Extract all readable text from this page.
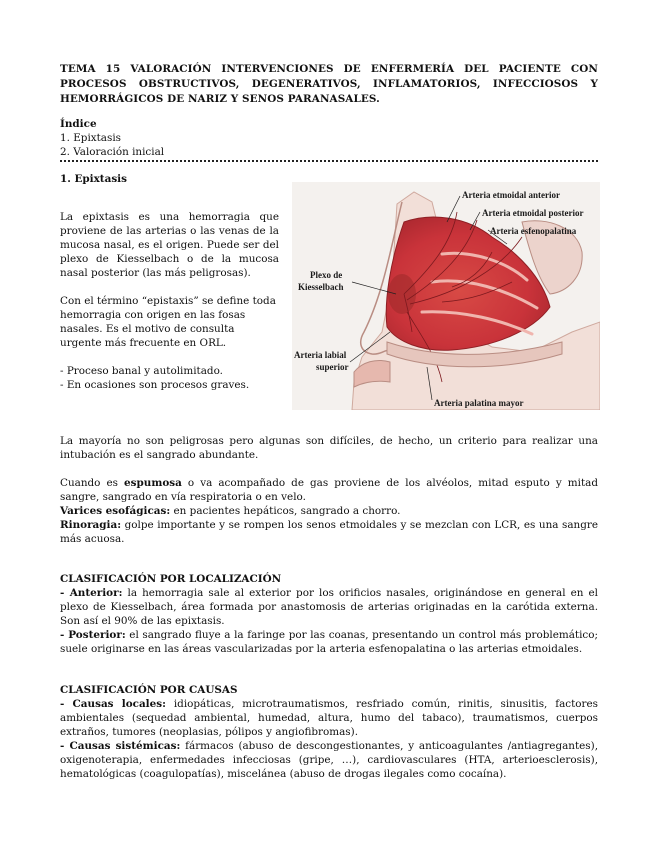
TEMA 15 VALORACIÓN INTERVENCIONES DE ENFERMERÍA DEL PACIENTE CON PROCESOS OBSTRUCTIVOS, DEGENERATIVOS, INFLAMATORIOS, INFECCIOSOS Y HEMORRÁGICOS DE NARIZ Y SENOS PARANASALES.
Índice
1. Epixtasis
2. Valoración inicial
1. Epixtasis

La epixtasis es una hemorragia que proviene de las arterias o las venas de la mucosa nasal, es el origen. Puede ser del plexo de Kiesselbach o de la mucosa nasal posterior (las más peligrosas).

Con el término “epistaxis” se define toda hemorragia con origen en las fosas nasales. Es el motivo de consulta urgente más frecuente en ORL.

- Proceso banal y autolimitado.
- En ocasiones son procesos graves.
Arteria etmoidal anterior
Arteria etmoidal posterior
Arteria esfenopalatina
Plexo de
Kiesselbach
Arteria labial
superior
Arteria palatina mayor
La mayoría no son peligrosas pero algunas son difíciles, de hecho, un criterio para realizar una intubación es el sangrado abundante.
Cuando es espumosa o va acompañado de gas proviene de los alvéolos, mitad esputo y mitad sangre, sangrado en vía respiratoria o en velo.
Varices esofágicas: en pacientes hepáticos, sangrado a chorro.
Rinoragia: golpe importante y se rompen los senos etmoidales y se mezclan con LCR, es una sangre más acuosa.
CLASIFICACIÓN POR LOCALIZACIÓN
- Anterior: la hemorragia sale al exterior por los orificios nasales, originándose en general en el plexo de Kiesselbach, área formada por anastomosis de arterias originadas en la carótida externa. Son así el 90% de las epixtasis.
- Posterior: el sangrado fluye a la faringe por las coanas, presentando un control más problemático; suele originarse en las áreas vascularizadas por la arteria esfenopalatina o las arterias etmoidales.
CLASIFICACIÓN POR CAUSAS
- Causas locales: idiopáticas, microtraumatismos, resfriado común, rinitis, sinusitis, factores ambientales (sequedad ambiental, humedad, altura, humo del tabaco), traumatismos, cuerpos extraños, tumores (neoplasias, pólipos y angiofibromas).
- Causas sistémicas: fármacos (abuso de descongestionantes, y anticoagulantes /antiagregantes), oxigenoterapia, enfermedades infecciosas (gripe, …), cardiovasculares (HTA, arterioesclerosis), hematológicas (coagulopatías), miscelánea (abuso de drogas ilegales como cocaína).
